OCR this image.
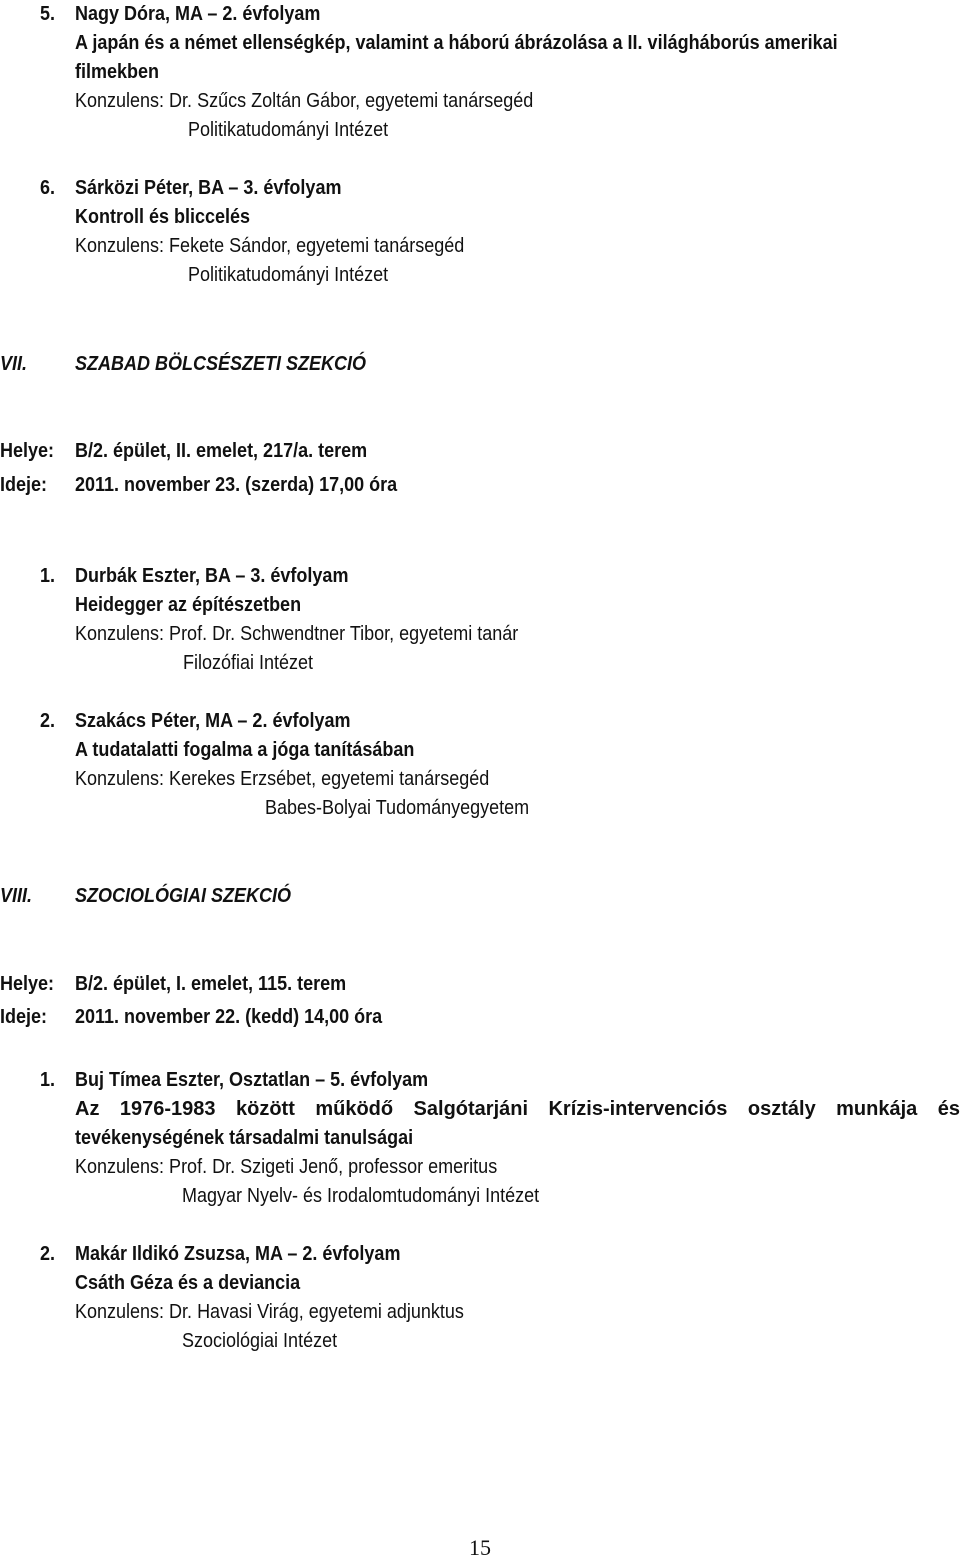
5. Nagy Dóra, MA – 2. évfolyam
A japán és a német ellenségkép, valamint a háború ábrázolása a II. világháborús amerikai
filmekben
Konzulens: Dr. Szűcs Zoltán Gábor, egyetemi tanársegéd
Politikatudományi Intézet
6. Sárközi Péter, BA – 3. évfolyam
Kontroll és bliccelés
Konzulens: Fekete Sándor, egyetemi tanársegéd
Politikatudományi Intézet
VII. SZABAD BÖLCSÉSZETI SZEKCIÓ
Helye: B/2. épület, II. emelet, 217/a. terem
Ideje: 2011. november 23. (szerda) 17,00 óra
1. Durbák Eszter, BA – 3. évfolyam
Heidegger az építészetben
Konzulens: Prof. Dr. Schwendtner Tibor, egyetemi tanár
Filozófiai Intézet
2. Szakács Péter, MA – 2. évfolyam
A tudatalatti fogalma a jóga tanításában
Konzulens: Kerekes Erzsébet, egyetemi tanársegéd
Babes-Bolyai Tudományegyetem
VIII. SZOCIOLÓGIAI SZEKCIÓ
Helye: B/2. épület, I. emelet, 115. terem
Ideje: 2011. november 22. (kedd) 14,00 óra
1. Buj Tímea Eszter, Osztatlan – 5. évfolyam
Az 1976-1983 között működő Salgótarjáni Krízis-intervenciós osztály munkája és
tevékenységének társadalmi tanulságai
Konzulens: Prof. Dr. Szigeti Jenő, professor emeritus
Magyar Nyelv- és Irodalomtudományi Intézet
2. Makár Ildikó Zsuzsa, MA – 2. évfolyam
Csáth Géza és a deviancia
Konzulens: Dr. Havasi Virág, egyetemi adjunktus
Szociológiai Intézet
15
